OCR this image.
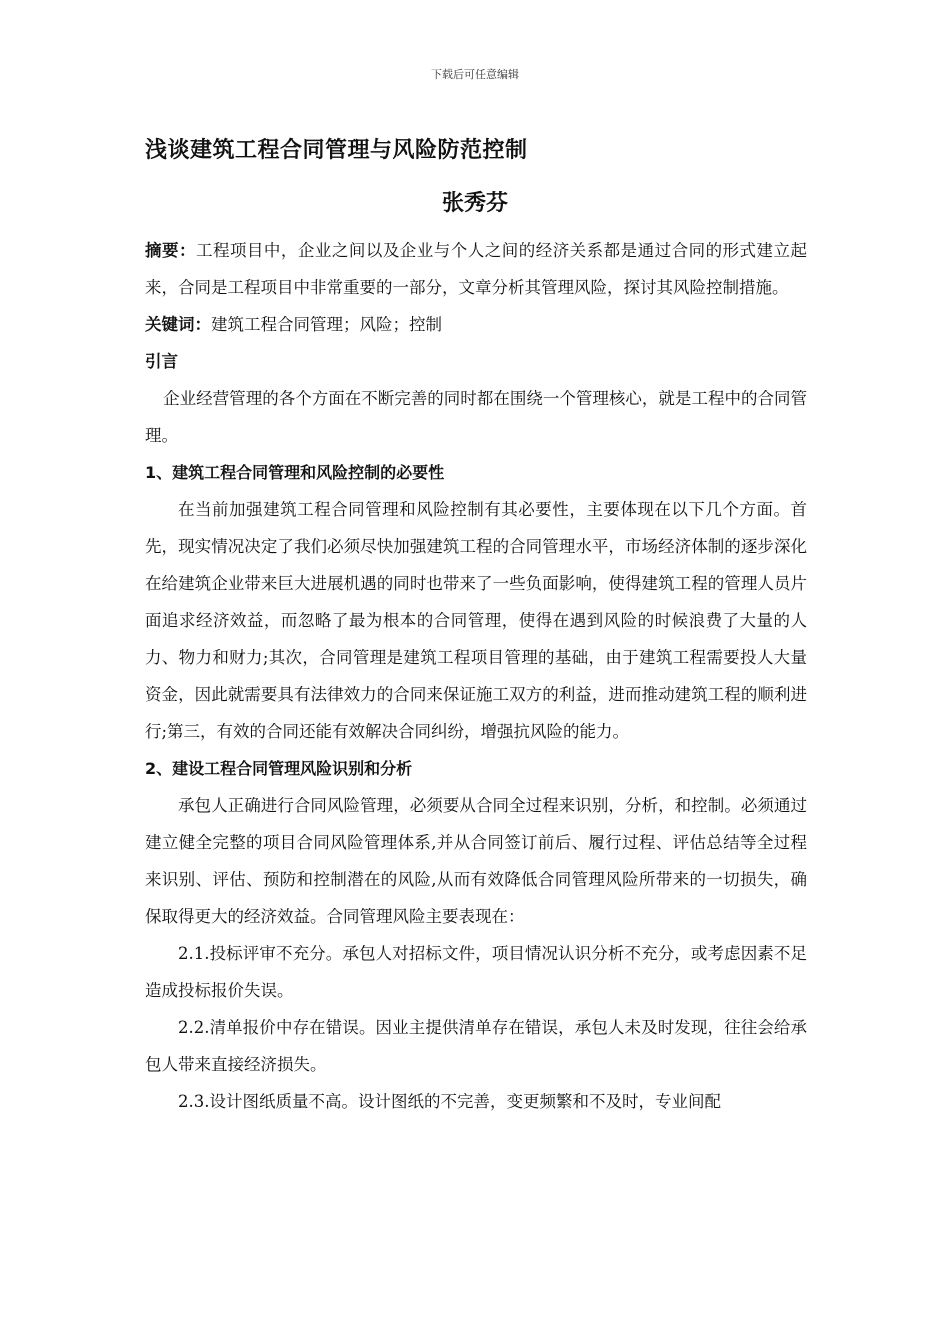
下载后可任意编辑
浅谈建筑工程合同管理与风险防范控制
张秀芬

摘要：工程项目中，企业之间以及企业与个人之间的经济关系都是通过合同的形式建立起来，合同是工程项目中非常重要的一部分，文章分析其管理风险，探讨其风险控制措施。

关键词：建筑工程合同管理；风险；控制

引言

企业经营管理的各个方面在不断完善的同时都在围绕一个管理核心，就是工程中的合同管理。

1、建筑工程合同管理和风险控制的必要性

在当前加强建筑工程合同管理和风险控制有其必要性，主要体现在以下几个方面。首先，现实情况决定了我们必须尽快加强建筑工程的合同管理水平，市场经济体制的逐步深化在给建筑企业带来巨大进展机遇的同时也带来了一些负面影响，使得建筑工程的管理人员片面追求经济效益，而忽略了最为根本的合同管理，使得在遇到风险的时候浪费了大量的人力、物力和财力;其次，合同管理是建筑工程项目管理的基础，由于建筑工程需要投人大量资金，因此就需要具有法律效力的合同来保证施工双方的利益，进而推动建筑工程的顺利进行;第三，有效的合同还能有效解决合同纠纷，增强抗风险的能力。

2、建设工程合同管理风险识别和分析

承包人正确进行合同风险管理，必须要从合同全过程来识别，分析，和控制。必须通过建立健全完整的项目合同风险管理体系,并从合同签订前后、履行过程、评估总结等全过程来识别、评估、预防和控制潜在的风险,从而有效降低合同管理风险所带来的一切损失，确保取得更大的经济效益。合同管理风险主要表现在：

2.1.投标评审不充分。承包人对招标文件，项目情况认识分析不充分，或考虑因素不足造成投标报价失误。

2.2.清单报价中存在错误。因业主提供清单存在错误，承包人未及时发现，往往会给承包人带来直接经济损失。

2.3.设计图纸质量不高。设计图纸的不完善，变更频繁和不及时，专业间配
